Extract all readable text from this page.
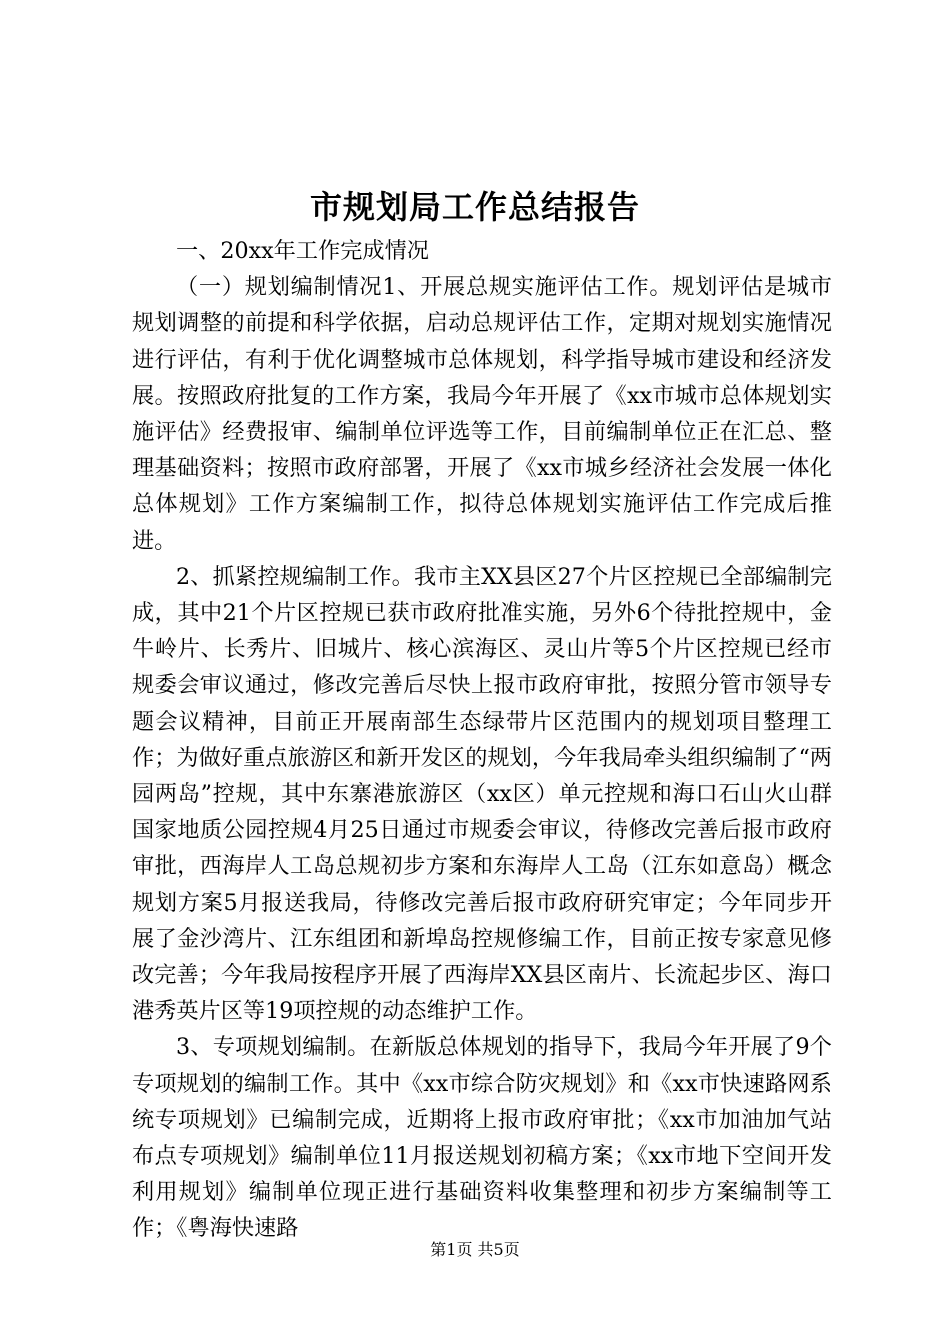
市规划局工作总结报告

一、20xx年工作完成情况

（一）规划编制情况1、开展总规实施评估工作。规划评估是城市规划调整的前提和科学依据，启动总规评估工作，定期对规划实施情况进行评估，有利于优化调整城市总体规划，科学指导城市建设和经济发展。按照政府批复的工作方案，我局今年开展了《xx市城市总体规划实施评估》经费报审、编制单位评选等工作，目前编制单位正在汇总、整理基础资料；按照市政府部署，开展了《xx市城乡经济社会发展一体化总体规划》工作方案编制工作，拟待总体规划实施评估工作完成后推进。

2、抓紧控规编制工作。我市主XX县区27个片区控规已全部编制完成，其中21个片区控规已获市政府批准实施，另外6个待批控规中，金牛岭片、长秀片、旧城片、核心滨海区、灵山片等5个片区控规已经市规委会审议通过，修改完善后尽快上报市政府审批，按照分管市领导专题会议精神，目前正开展南部生态绿带片区范围内的规划项目整理工作；为做好重点旅游区和新开发区的规划，今年我局牵头组织编制了“两园两岛”控规，其中东寨港旅游区（xx区）单元控规和海口石山火山群国家地质公园控规4月25日通过市规委会审议，待修改完善后报市政府审批，西海岸人工岛总规初步方案和东海岸人工岛（江东如意岛）概念规划方案5月报送我局，待修改完善后报市政府研究审定；今年同步开展了金沙湾片、江东组团和新埠岛控规修编工作，目前正按专家意见修改完善；今年我局按程序开展了西海岸XX县区南片、长流起步区、海口港秀英片区等19项控规的动态维护工作。

3、专项规划编制。在新版总体规划的指导下，我局今年开展了9个专项规划的编制工作。其中《xx市综合防灾规划》和《xx市快速路网系统专项规划》已编制完成，近期将上报市政府审批；《xx市加油加气站布点专项规划》编制单位11月报送规划初稿方案；《xx市地下空间开发利用规划》编制单位现正进行基础资料收集整理和初步方案编制等工作；《粤海快速路

第1页 共5页
